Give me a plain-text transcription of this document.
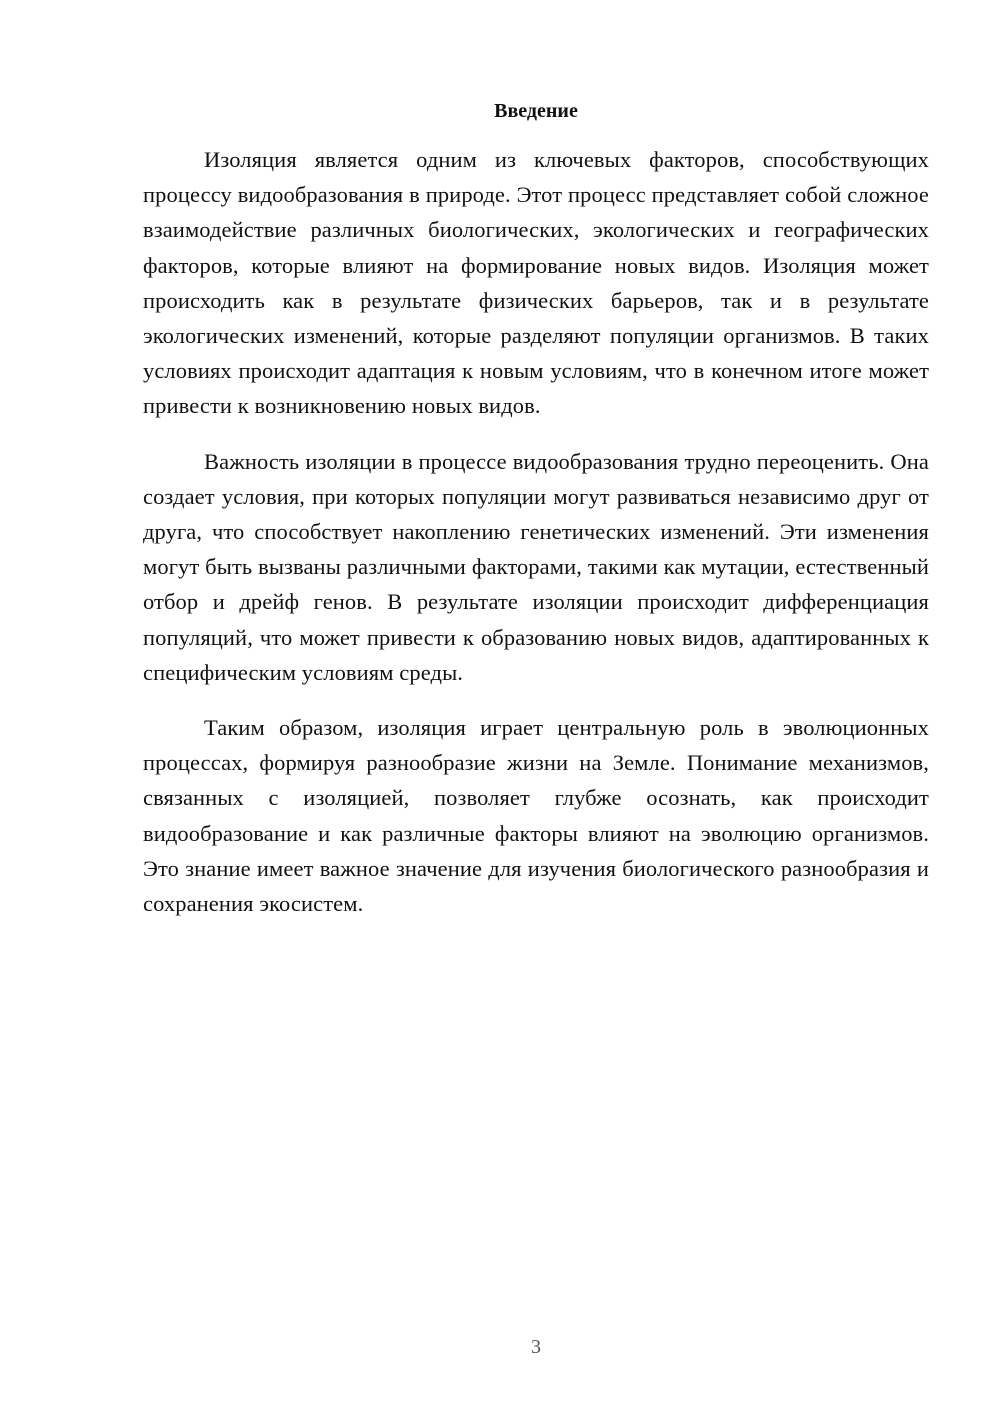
Введение

Изоляция является одним из ключевых факторов, способствующих процессу видообразования в природе. Этот процесс представляет собой сложное взаимодействие различных биологических, экологических и географических факторов, которые влияют на формирование новых видов. Изоляция может происходить как в результате физических барьеров, так и в результате экологических изменений, которые разделяют популяции организмов. В таких условиях происходит адаптация к новым условиям, что в конечном итоге может привести к возникновению новых видов.

Важность изоляции в процессе видообразования трудно переоценить. Она создает условия, при которых популяции могут развиваться независимо друг от друга, что способствует накоплению генетических изменений. Эти изменения могут быть вызваны различными факторами, такими как мутации, естественный отбор и дрейф генов. В результате изоляции происходит дифференциация популяций, что может привести к образованию новых видов, адаптированных к специфическим условиям среды.

Таким образом, изоляция играет центральную роль в эволюционных процессах, формируя разнообразие жизни на Земле. Понимание механизмов, связанных с изоляцией, позволяет глубже осознать, как происходит видообразование и как различные факторы влияют на эволюцию организмов. Это знание имеет важное значение для изучения биологического разнообразия и сохранения экосистем.

3
